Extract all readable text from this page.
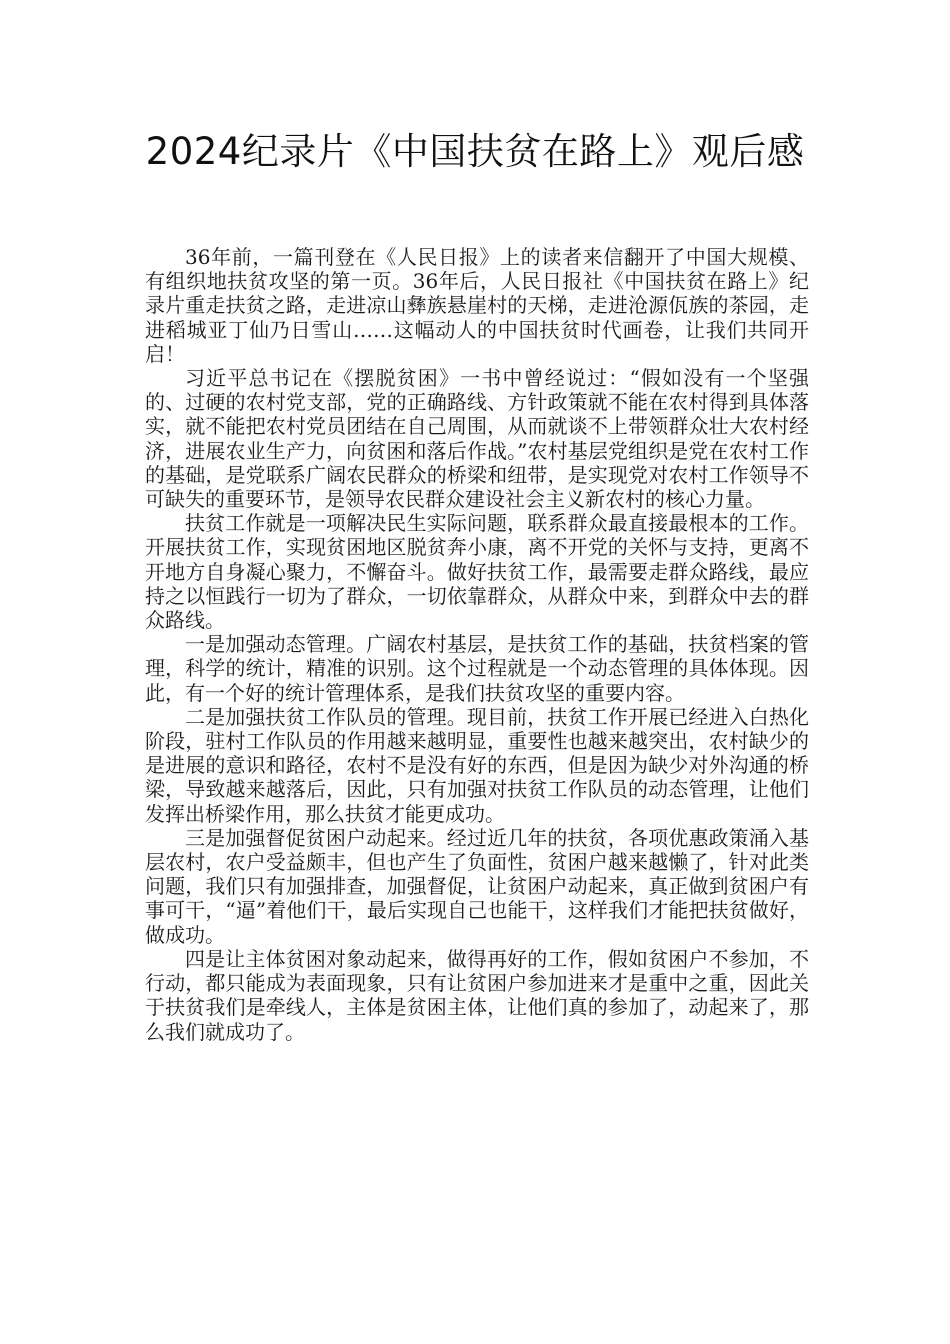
2024纪录片《中国扶贫在路上》观后感

36年前，一篇刊登在《人民日报》上的读者来信翻开了中国大规模、有组织地扶贫攻坚的第一页。36年后，人民日报社《中国扶贫在路上》纪录片重走扶贫之路，走进凉山彝族悬崖村的天梯，走进沧源佤族的茶园，走进稻城亚丁仙乃日雪山……这幅动人的中国扶贫时代画卷，让我们共同开启！

习近平总书记在《摆脱贫困》一书中曾经说过：“假如没有一个坚强的、过硬的农村党支部，党的正确路线、方针政策就不能在农村得到具体落实，就不能把农村党员团结在自己周围，从而就谈不上带领群众壮大农村经济，进展农业生产力，向贫困和落后作战。”农村基层党组织是党在农村工作的基础，是党联系广阔农民群众的桥梁和纽带，是实现党对农村工作领导不可缺失的重要环节，是领导农民群众建设社会主义新农村的核心力量。

扶贫工作就是一项解决民生实际问题，联系群众最直接最根本的工作。开展扶贫工作，实现贫困地区脱贫奔小康，离不开党的关怀与支持，更离不开地方自身凝心聚力，不懈奋斗。做好扶贫工作，最需要走群众路线，最应持之以恒践行一切为了群众，一切依靠群众，从群众中来，到群众中去的群众路线。

一是加强动态管理。广阔农村基层，是扶贫工作的基础，扶贫档案的管理，科学的统计，精准的识别。这个过程就是一个动态管理的具体体现。因此，有一个好的统计管理体系，是我们扶贫攻坚的重要内容。

二是加强扶贫工作队员的管理。现目前，扶贫工作开展已经进入白热化阶段，驻村工作队员的作用越来越明显，重要性也越来越突出，农村缺少的是进展的意识和路径，农村不是没有好的东西，但是因为缺少对外沟通的桥梁，导致越来越落后，因此，只有加强对扶贫工作队员的动态管理，让他们发挥出桥梁作用，那么扶贫才能更成功。

三是加强督促贫困户动起来。经过近几年的扶贫，各项优惠政策涌入基层农村，农户受益颇丰，但也产生了负面性，贫困户越来越懒了，针对此类问题，我们只有加强排查，加强督促，让贫困户动起来，真正做到贫困户有事可干，“逼”着他们干，最后实现自己也能干，这样我们才能把扶贫做好，做成功。

四是让主体贫困对象动起来，做得再好的工作，假如贫困户不参加，不行动，都只能成为表面现象，只有让贫困户参加进来才是重中之重，因此关于扶贫我们是牵线人，主体是贫困主体，让他们真的参加了，动起来了，那么我们就成功了。
